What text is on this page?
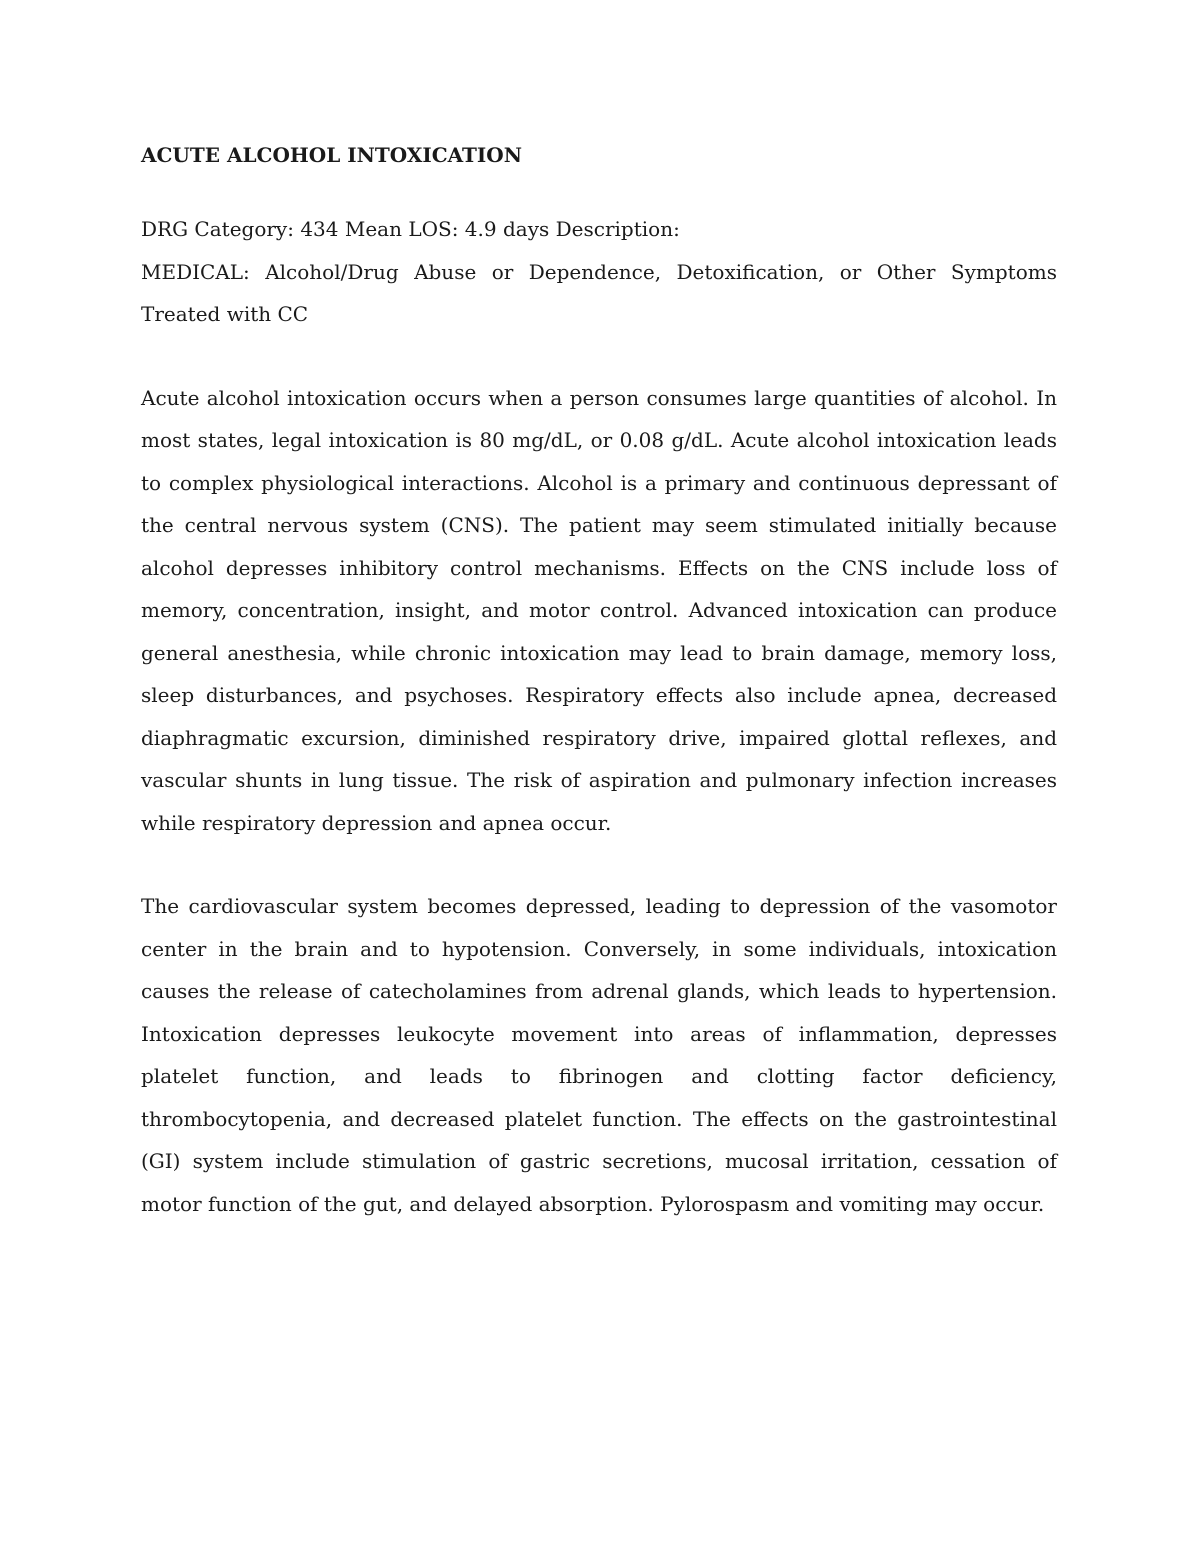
ACUTE ALCOHOL INTOXICATION
DRG Category: 434 Mean LOS: 4.9 days Description:
MEDICAL: Alcohol/Drug Abuse or Dependence, Detoxification, or Other Symptoms Treated with CC

Acute alcohol intoxication occurs when a person consumes large quantities of alcohol. In most states, legal intoxication is 80 mg/dL, or 0.08 g/dL. Acute alcohol intoxication leads to complex physiological interactions. Alcohol is a primary and continuous depressant of the central nervous system (CNS). The patient may seem stimulated initially because alcohol depresses inhibitory control mechanisms. Effects on the CNS include loss of memory, concentration, insight, and motor control. Advanced intoxication can produce general anesthesia, while chronic intoxication may lead to brain damage, memory loss, sleep disturbances, and psychoses. Respiratory effects also include apnea, decreased diaphragmatic excursion, diminished respiratory drive, impaired glottal reflexes, and vascular shunts in lung tissue. The risk of aspiration and pulmonary infection increases while respiratory depression and apnea occur.

The cardiovascular system becomes depressed, leading to depression of the vasomotor center in the brain and to hypotension. Conversely, in some individuals, intoxication causes the release of catecholamines from adrenal glands, which leads to hypertension. Intoxication depresses leukocyte movement into areas of inflammation, depresses platelet function, and leads to fibrinogen and clotting factor deficiency, thrombocytopenia, and decreased platelet function. The effects on the gastrointestinal (GI) system include stimulation of gastric secretions, mucosal irritation, cessation of motor function of the gut, and delayed absorption. Pylorospasm and vomiting may occur.
